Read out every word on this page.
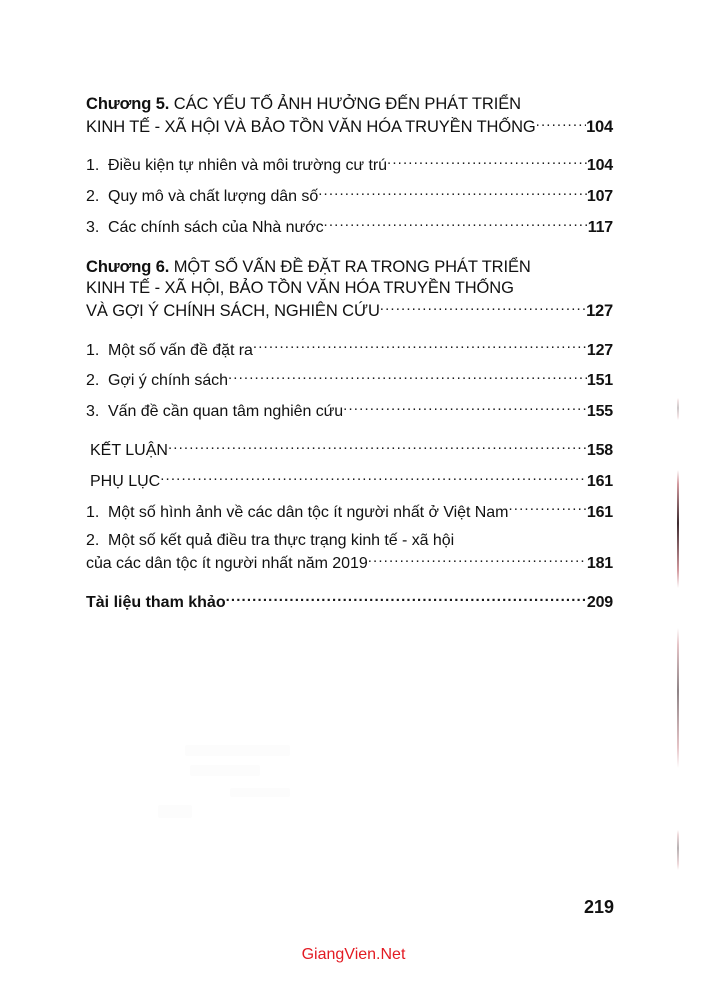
Chương 5. CÁC YẾU TỐ ẢNH HƯỞNG ĐẾN PHÁT TRIỂN
KINH TẾ - XÃ HỘI VÀ BẢO TỒN VĂN HÓA TRUYỀN THỐNG .....	104
1. Điều kiện tự nhiên và môi trường cư trú .....	104
2. Quy mô và chất lượng dân số .....	107
3. Các chính sách của Nhà nước .....	117
Chương 6. MỘT SỐ VẤN ĐỀ ĐẶT RA TRONG PHÁT TRIỂN
KINH TẾ - XÃ HỘI, BẢO TỒN VĂN HÓA TRUYỀN THỐNG
VÀ GỢI Ý CHÍNH SÁCH, NGHIÊN CỨU .....	127
1. Một số vấn đề đặt ra .....	127
2. Gợi ý chính sách .....	151
3. Vấn đề cần quan tâm nghiên cứu .....	155
KẾT LUẬN .....	158
PHỤ LỤC .....	161
1. Một số hình ảnh về các dân tộc ít người nhất ở Việt Nam .....	161
2. Một số kết quả điều tra thực trạng kinh tế - xã hội
của các dân tộc ít người nhất năm 2019 .....	181
Tài liệu tham khảo .....	209
219
GiangVien.Net
